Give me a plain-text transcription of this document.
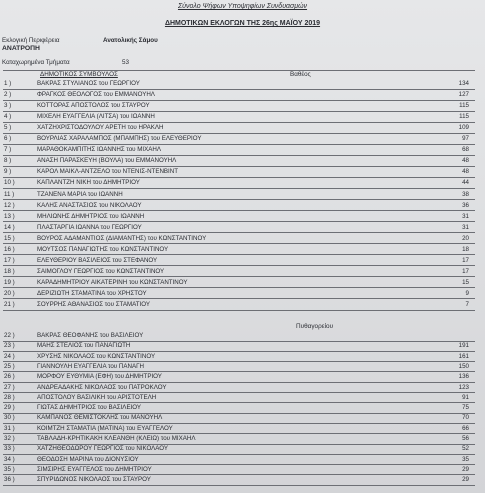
Σύνολο Ψήφων Υποψηφίων Συνδυασμών
ΔΗΜΟΤΙΚΩΝ ΕΚΛΟΓΩΝ ΤΗΣ 26ης ΜΑΪΟΥ 2019
Εκλογική Περιφέρεια	Ανατολικής Σάμου
ΑΝΑΤΡΟΠΗ
Καταχωρημένα Τμήματα	53
ΔΗΜΟΤΙΚΟΣ ΣΥΜΒΟΥΛΟΣ	Βαθέος
1 )	ΒΑΚΡΑΣ ΣΤΥΛΙΑΝΟΣ του ΓΕΩΡΓΙΟΥ	134
2 )	ΦΡΑΓΚΟΣ ΘΕΟΛΟΓΟΣ του ΕΜΜΑΝΟΥΗΛ	127
3 )	ΚΟΤΤΟΡΑΣ ΑΠΟΣΤΟΛΟΣ του ΣΤΑΥΡΟΥ	115
4 )	ΜΙΧΕΛΗ ΕΥΑΓΓΕΛΙΑ (ΛΙΤΣΑ) του ΙΩΑΝΝΗ	115
5 )	ΧΑΤΖΗΧΡΙΣΤΟΔΟΥΛΟΥ ΑΡΕΤΗ του ΗΡΑΚΛΗ	109
6 )	ΒΟΥΡΛΙΑΣ ΧΑΡΑΛΑΜΠΟΣ (ΜΠΑΜΠΗΣ) του ΕΛΕΥΘΕΡΙΟΥ	97
7 )	ΜΑΡΑΘΟΚΑΜΠΙΤΗΣ ΙΩΑΝΝΗΣ του ΜΙΧΑΗΛ	68
8 )	ΑΝΑΣΗ ΠΑΡΑΣΚΕΥΗ (ΒΟΥΛΑ) του ΕΜΜΑΝΟΥΗΛ	48
9 )	ΚΑΡΟΛ ΜΑΙΚΛ-ΑΝΤΖΕΛΟ του ΝΤΕΝΙΣ-ΝΤΕΝΒΙΝΤ	48
10 )	ΚΑΠΛΑΝΤΖΗ ΝΙΚΗ του ΔΗΜΗΤΡΙΟΥ	44
11 )	ΤΖΑΝΕΝΑ ΜΑΡΙΑ του ΙΩΑΝΝΗ	38
12 )	ΚΑΛΗΣ ΑΝΑΣΤΑΣΙΟΣ του ΝΙΚΟΛΑΟΥ	36
13 )	ΜΗΛΙΩΝΗΣ ΔΗΜΗΤΡΙΟΣ του ΙΩΑΝΝΗ	31
14 )	ΠΛΑΣΤΑΡΓΙΑ ΙΩΑΝΝΑ του ΓΕΩΡΓΙΟΥ	31
15 )	ΒΟΥΡΟΣ ΑΔΑΜΑΝΤΙΟΣ (ΔΙΑΜΑΝΤΗΣ) του ΚΩΝΣΤΑΝΤΙΝΟΥ	20
16 )	ΜΟΥΤΣΟΣ ΠΑΝΑΓΙΩΤΗΣ του ΚΩΝΣΤΑΝΤΙΝΟΥ	18
17 )	ΕΛΕΥΘΕΡΙΟΥ ΒΑΣΙΛΕΙΟΣ του ΣΤΕΦΑΝΟΥ	17
18 )	ΣΑΙΜΟΓΛΟΥ ΓΕΩΡΓΙΟΣ του ΚΩΝΣΤΑΝΤΙΝΟΥ	17
19 )	ΚΑΡΑΔΗΜΗΤΡΙΟΥ ΑΙΚΑΤΕΡΙΝΗ του ΚΩΝΣΤΑΝΤΙΝΟΥ	15
20 )	ΔΕΡΙΖΙΩΤΗ ΣΤΑΜΑΤΙΝΑ του ΧΡΗΣΤΟΥ	9
21 )	ΣΟΥΡΡΗΣ ΑΘΑΝΑΣΙΟΣ του ΣΤΑΜΑΤΙΟΥ	7
Πυθαγορείου
22 )	ΒΑΚΡΑΣ ΘΕΟΦΑΝΗΣ του ΒΑΣΙΛΕΙΟΥ
23 )	ΜΑΗΣ ΣΤΕΛΙΟΣ του ΠΑΝΑΓΙΩΤΗ	191
24 )	ΧΡΥΣΗΣ ΝΙΚΟΛΑΟΣ του ΚΩΝΣΤΑΝΤΙΝΟΥ	161
25 )	ΓΙΑΝΝΟΥΛΗ ΕΥΑΓΓΕΛΙΑ του ΠΑΝΑΓΗ	150
26 )	ΜΟΡΦΟΥ ΕΥΘΥΜΙΑ (ΕΦΗ) του ΔΗΜΗΤΡΙΟΥ	136
27 )	ΑΝΔΡΕΑΔΑΚΗΣ ΝΙΚΟΛΑΟΣ του ΠΑΤΡΟΚΛΟΥ	123
28 )	ΑΠΟΣΤΟΛΟΥ ΒΑΣΙΛΙΚΗ του ΑΡΙΣΤΟΤΕΛΗ	91
29 )	ΓΙΩΤΑΣ ΔΗΜΗΤΡΙΟΣ του ΒΑΣΙΛΕΙΟΥ	75
30 )	ΚΑΜΠΑΝΟΣ ΘΕΜΙΣΤΟΚΛΗΣ του ΜΑΝΟΥΗΛ	70
31 )	ΚΟΙΜΤΖΗ ΣΤΑΜΑΤΙΑ (ΜΑΤΙΝΑ) του ΕΥΑΓΓΕΛΟΥ	66
32 )	ΤΑΒΛΑΔΗ-ΚΡΗΤΙΚΑΚΗ ΚΛΕΑΝΘΗ (ΚΛΕΙΩ) του ΜΙΧΑΗΛ	56
33 )	ΧΑΤΖΗΘΕΟΔΩΡΟΥ ΓΕΩΡΓΙΟΣ του ΝΙΚΟΛΑΟΥ	52
34 )	ΘΕΟΔΟΣΗ ΜΑΡΙΝΑ του ΔΙΟΝΥΣΙΟΥ	35
35 )	ΣΙΜΣΙΡΗΣ ΕΥΑΓΓΕΛΟΣ του ΔΗΜΗΤΡΙΟΥ	29
36 )	ΣΠΥΡΙΔΩΝΟΣ ΝΙΚΟΛΑΟΣ του ΣΤΑΥΡΟΥ	29
